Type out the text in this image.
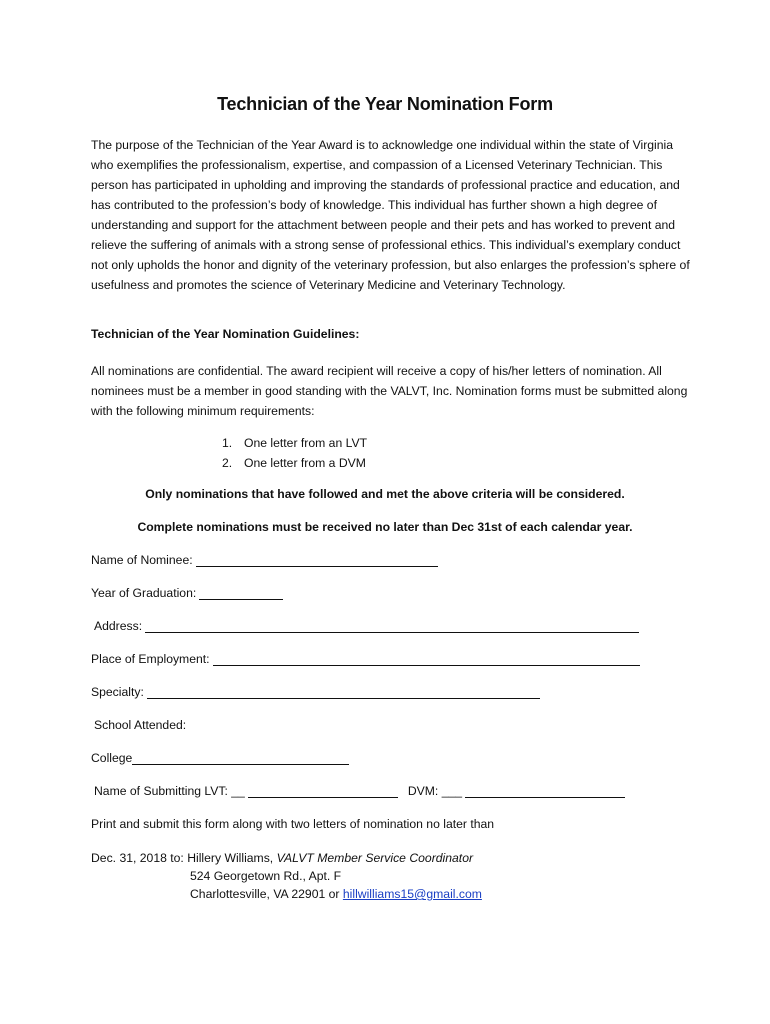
Technician of the Year Nomination Form
The purpose of the Technician of the Year Award is to acknowledge one individual within the state of Virginia who exemplifies the professionalism, expertise, and compassion of a Licensed Veterinary Technician. This person has participated in upholding and improving the standards of professional practice and education, and has contributed to the profession’s body of knowledge. This individual has further shown a high degree of understanding and support for the attachment between people and their pets and has worked to prevent and relieve the suffering of animals with a strong sense of professional ethics. This individual’s exemplary conduct not only upholds the honor and dignity of the veterinary profession, but also enlarges the profession’s sphere of usefulness and promotes the science of Veterinary Medicine and Veterinary Technology.
Technician of the Year Nomination Guidelines:
All nominations are confidential. The award recipient will receive a copy of his/her letters of nomination. All nominees must be a member in good standing with the VALVT, Inc. Nomination forms must be submitted along with the following minimum requirements:
1. One letter from an LVT
2. One letter from a DVM
Only nominations that have followed and met the above criteria will be considered.
Complete nominations must be received no later than Dec 31st of each calendar year.
Name of Nominee:
Year of Graduation:
Address:
Place of Employment:
Specialty:
School Attended:
College
Name of Submitting LVT: __	DVM: ___
Print and submit this form along with two letters of nomination no later than
Dec. 31, 2018 to: Hillery Williams, VALVT Member Service Coordinator
524 Georgetown Rd., Apt. F
Charlottesville, VA 22901 or hillwilliams15@gmail.com
